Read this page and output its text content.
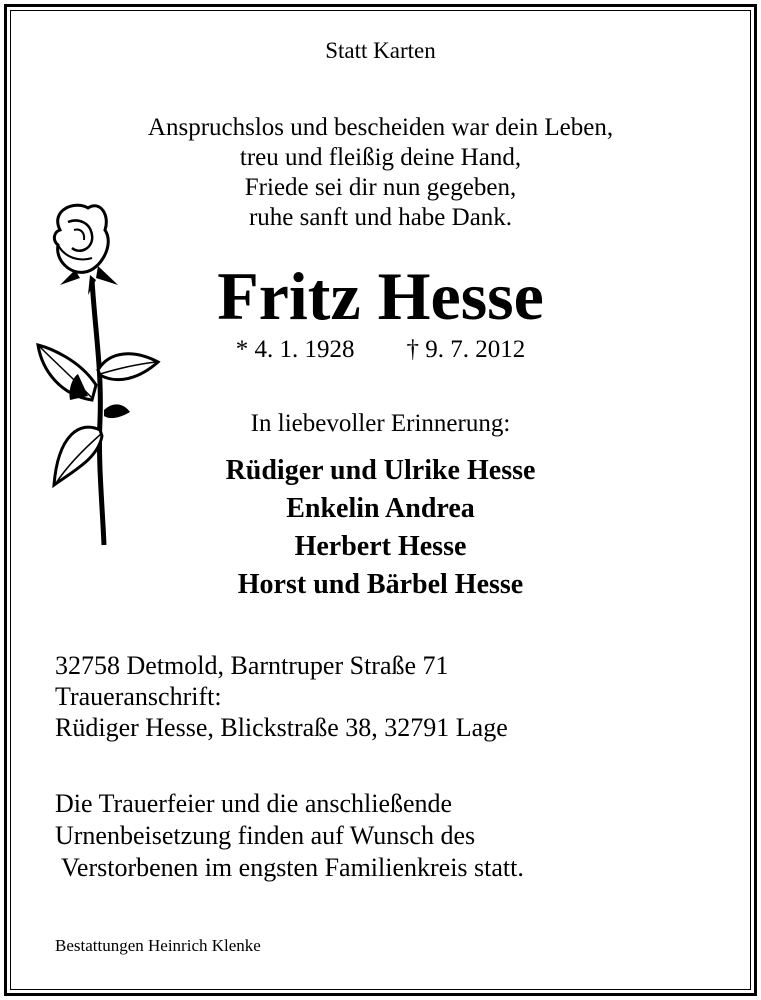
Statt Karten
Anspruchslos und bescheiden war dein Leben,
treu und fleißig deine Hand,
Friede sei dir nun gegeben,
ruhe sanft und habe Dank.
Fritz Hesse
* 4. 1. 1928 † 9. 7. 2012
In liebevoller Erinnerung:
Rüdiger und Ulrike Hesse
Enkelin Andrea
Herbert Hesse
Horst und Bärbel Hesse
32758 Detmold, Barntruper Straße 71
Traueranschrift:
Rüdiger Hesse, Blickstraße 38, 32791 Lage
Die Trauerfeier und die anschließende
Urnenbeisetzung finden auf Wunsch des
Verstorbenen im engsten Familienkreis statt.
Bestattungen Heinrich Klenke
